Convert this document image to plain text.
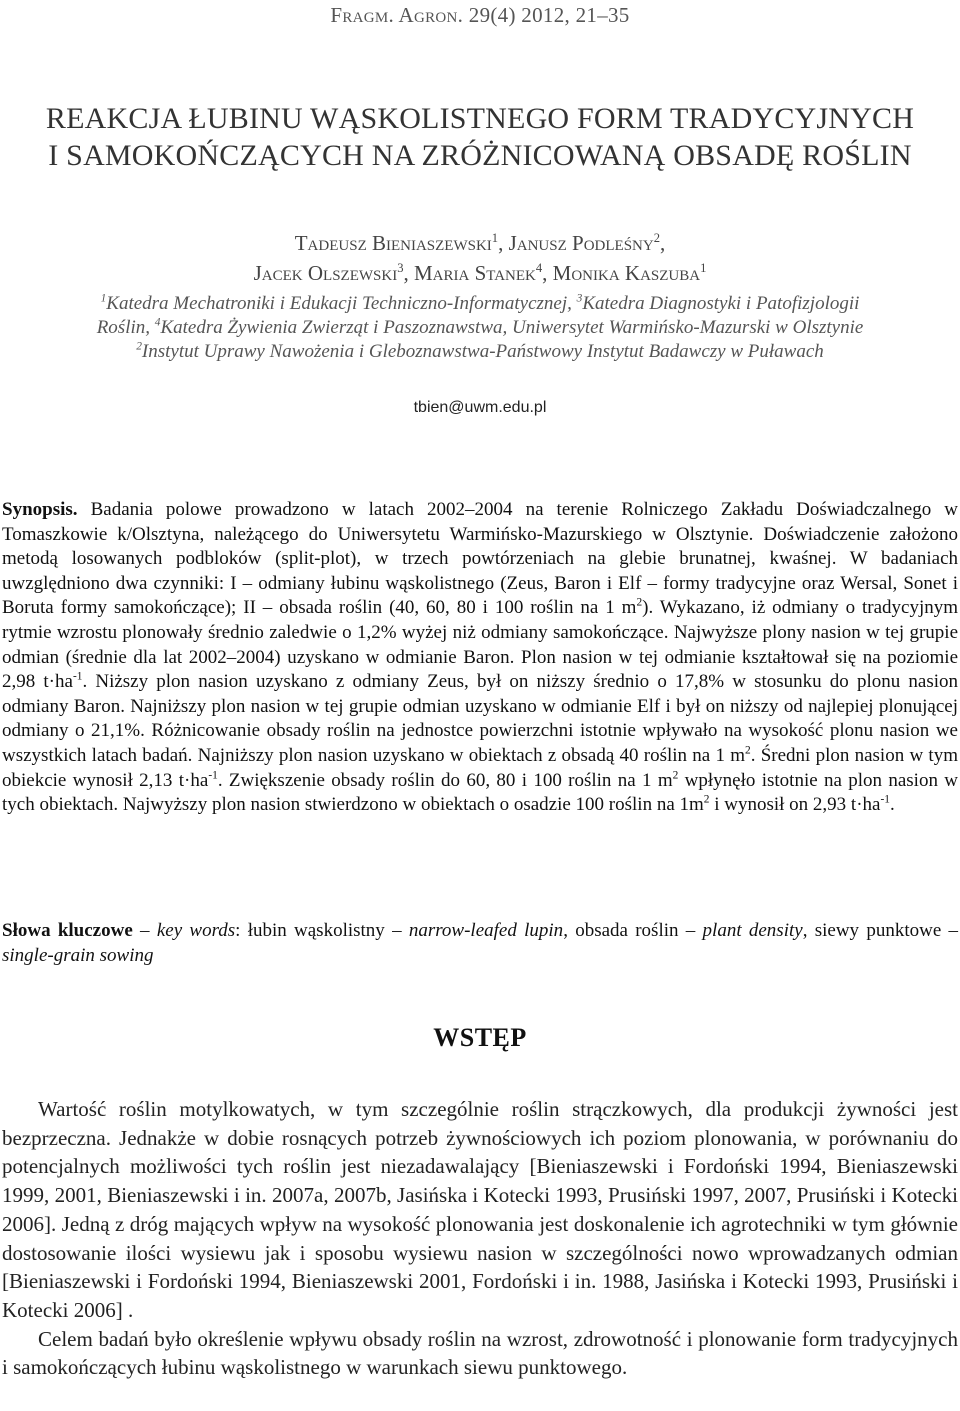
Fragm. Agron. 29(4) 2012, 21–35
REAKCJA ŁUBINU WĄSKOLISTNEGO FORM TRADYCYJNYCH
I SAMOKOŃCZĄCYCH NA ZRÓŻNICOWANĄ OBSADĘ ROŚLIN
Tadeusz Bieniaszewski$^1$, Janusz Podleśny$^2$,
Jacek Olszewski$^3$, Maria Stanek$^4$, Monika Kaszuba$^1$
$^1$Katedra Mechatroniki i Edukacji Techniczno-Informatycznej, $^3$Katedra Diagnostyki i Patofizjologii
Roślin, $^4$Katedra Żywienia Zwierząt i Paszoznawstwa, Uniwersytet Warmińsko-Mazurski w Olsztynie
$^2$Instytut Uprawy Nawożenia i Gleboznawstwa-Państwowy Instytut Badawczy w Puławach
tbien@uwm.edu.pl
Synopsis. Badania polowe prowadzono w latach 2002–2004 na terenie Rolniczego Zakładu Doświadczalnego w Tomaszkowie k/Olsztyna, należącego do Uniwersytetu Warmińsko-Mazurskiego w Olsztynie. Doświadczenie założono metodą losowanych podbloków (split-plot), w trzech powtórzeniach na glebie brunatnej, kwaśnej. W badaniach uwzględniono dwa czynniki: I – odmiany łubinu wąskolistnego (Zeus, Baron i Elf – formy tradycyjne oraz Wersal, Sonet i Boruta formy samokończące); II – obsada roślin (40, 60, 80 i 100 roślin na 1 $m^2$). Wykazano, iż odmiany o tradycyjnym rytmie wzrostu plonowały średnio zaledwie o 1,2% wyżej niż odmiany samokończące. Najwyższe plony nasion w tej grupie odmian (średnie dla lat 2002–2004) uzyskano w odmianie Baron. Plon nasion w tej odmianie kształtował się na poziomie 2,98 $t\cdot ha^{-1}$. Niższy plon nasion uzyskano z odmiany Zeus, był on niższy średnio o 17,8% w stosunku do plonu nasion odmiany Baron. Najniższy plon nasion w tej grupie odmian uzyskano w odmianie Elf i był on niższy od najlepiej plonującej odmiany o 21,1%. Różnicowanie obsady roślin na jednostce powierzchni istotnie wpływało na wysokość plonu nasion we wszystkich latach badań. Najniższy plon nasion uzyskano w obiektach z obsadą 40 roślin na 1 $m^2$. Średni plon nasion w tym obiekcie wynosił 2,13 $t\cdot ha^{-1}$. Zwiększenie obsady roślin do 60, 80 i 100 roślin na 1 $m^2$ wpłynęło istotnie na plon nasion w tych obiektach. Najwyższy plon nasion stwierdzono w obiektach o osadzie 100 roślin na $1m^2$ i wynosił on 2,93 $t\cdot ha^{-1}$.
Słowa kluczowe – key words: łubin wąskolistny – narrow-leafed lupin, obsada roślin – plant density, siewy punktowe – single-grain sowing
WSTĘP

Wartość roślin motylkowatych, w tym szczególnie roślin strączkowych, dla produkcji żywności jest bezprzeczna. Jednakże w dobie rosnących potrzeb żywnościowych ich poziom plonowania, w porównaniu do potencjalnych możliwości tych roślin jest niezadawalający [Bieniaszewski i Fordoński 1994, Bieniaszewski 1999, 2001, Bieniaszewski i in. 2007a, 2007b, Jasińska i Kotecki 1993, Prusiński 1997, 2007, Prusiński i Kotecki 2006]. Jedną z dróg mających wpływ na wysokość plonowania jest doskonalenie ich agrotechniki w tym głównie dostosowanie ilości wysiewu jak i sposobu wysiewu nasion w szczególności nowo wprowadzanych odmian [Bieniaszewski i Fordoński 1994, Bieniaszewski 2001, Fordoński i in. 1988, Jasińska i Kotecki 1993, Prusiński i Kotecki 2006] .

Celem badań było określenie wpływu obsady roślin na wzrost, zdrowotność i plonowanie form tradycyjnych i samokończących łubinu wąskolistnego w warunkach siewu punktowego.
